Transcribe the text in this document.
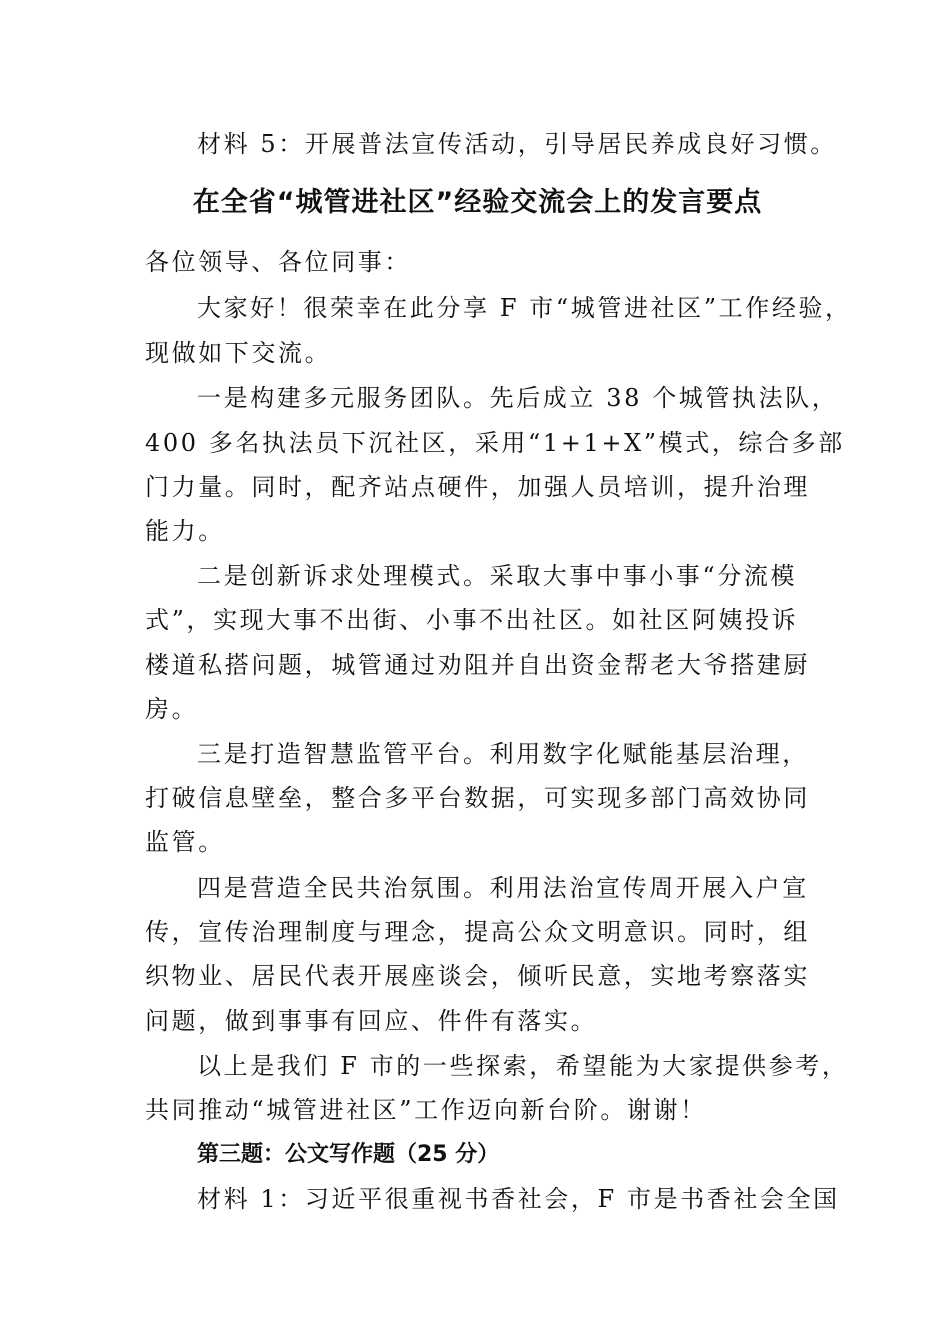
材料 5：开展普法宣传活动，引导居民养成良好习惯。
在全省“城管进社区”经验交流会上的发言要点
各位领导、各位同事：
大家好！很荣幸在此分享 F 市“城管进社区”工作经验，
现做如下交流。
一是构建多元服务团队。先后成立 38 个城管执法队，
400 多名执法员下沉社区，采用“1+1+X”模式，综合多部
门力量。同时，配齐站点硬件，加强人员培训，提升治理
能力。
二是创新诉求处理模式。采取大事中事小事“分流模
式”，实现大事不出街、小事不出社区。如社区阿姨投诉
楼道私搭问题，城管通过劝阻并自出资金帮老大爷搭建厨
房。
三是打造智慧监管平台。利用数字化赋能基层治理，
打破信息壁垒，整合多平台数据，可实现多部门高效协同
监管。
四是营造全民共治氛围。利用法治宣传周开展入户宣
传，宣传治理制度与理念，提高公众文明意识。同时，组
织物业、居民代表开展座谈会，倾听民意，实地考察落实
问题，做到事事有回应、件件有落实。
以上是我们 F 市的一些探索，希望能为大家提供参考，
共同推动“城管进社区”工作迈向新台阶。谢谢！
第三题：公文写作题（25 分）
材料 1：习近平很重视书香社会，F 市是书香社会全国
